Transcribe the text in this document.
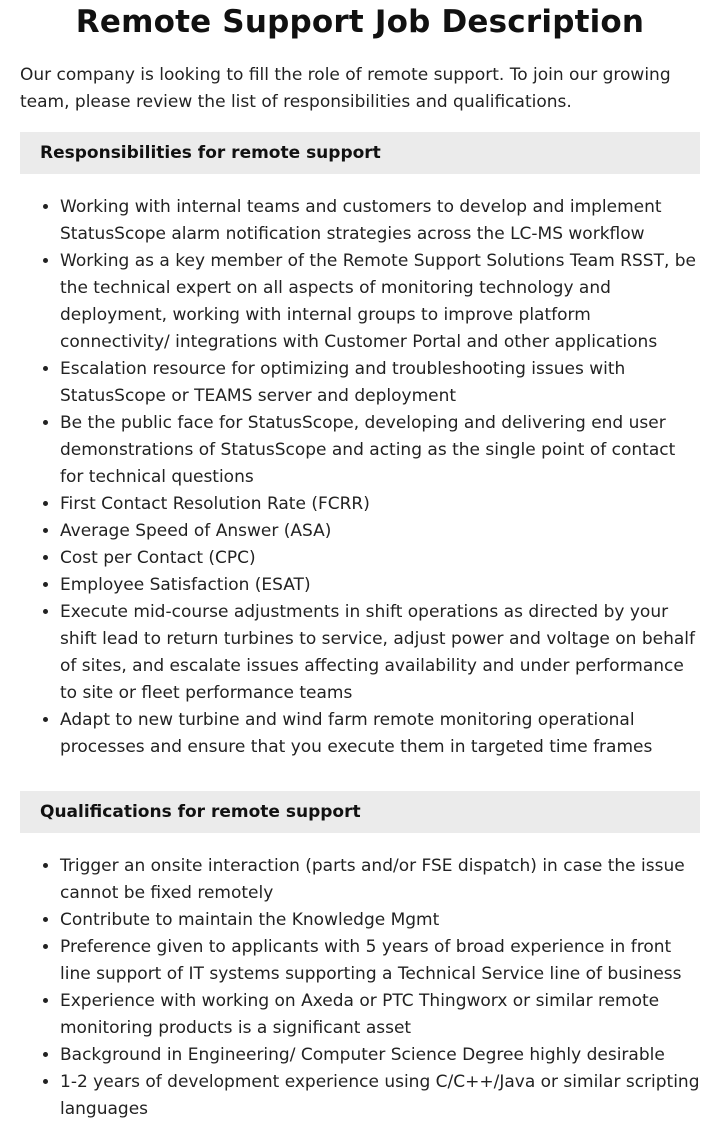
Remote Support Job Description

Our company is looking to fill the role of remote support. To join our growing team, please review the list of responsibilities and qualifications.

Responsibilities for remote support
• Working with internal teams and customers to develop and implement StatusScope alarm notification strategies across the LC-MS workflow
• Working as a key member of the Remote Support Solutions Team RSST, be the technical expert on all aspects of monitoring technology and deployment, working with internal groups to improve platform connectivity/ integrations with Customer Portal and other applications
• Escalation resource for optimizing and troubleshooting issues with StatusScope or TEAMS server and deployment
• Be the public face for StatusScope, developing and delivering end user demonstrations of StatusScope and acting as the single point of contact for technical questions
• First Contact Resolution Rate (FCRR)
• Average Speed of Answer (ASA)
• Cost per Contact (CPC)
• Employee Satisfaction (ESAT)
• Execute mid-course adjustments in shift operations as directed by your shift lead to return turbines to service, adjust power and voltage on behalf of sites, and escalate issues affecting availability and under performance to site or fleet performance teams
• Adapt to new turbine and wind farm remote monitoring operational processes and ensure that you execute them in targeted time frames
Qualifications for remote support
• Trigger an onsite interaction (parts and/or FSE dispatch) in case the issue cannot be fixed remotely
• Contribute to maintain the Knowledge Mgmt
• Preference given to applicants with 5 years of broad experience in front line support of IT systems supporting a Technical Service line of business
• Experience with working on Axeda or PTC Thingworx or similar remote monitoring products is a significant asset
• Background in Engineering/ Computer Science Degree highly desirable
• 1-2 years of development experience using C/C++/Java or similar scripting languages
